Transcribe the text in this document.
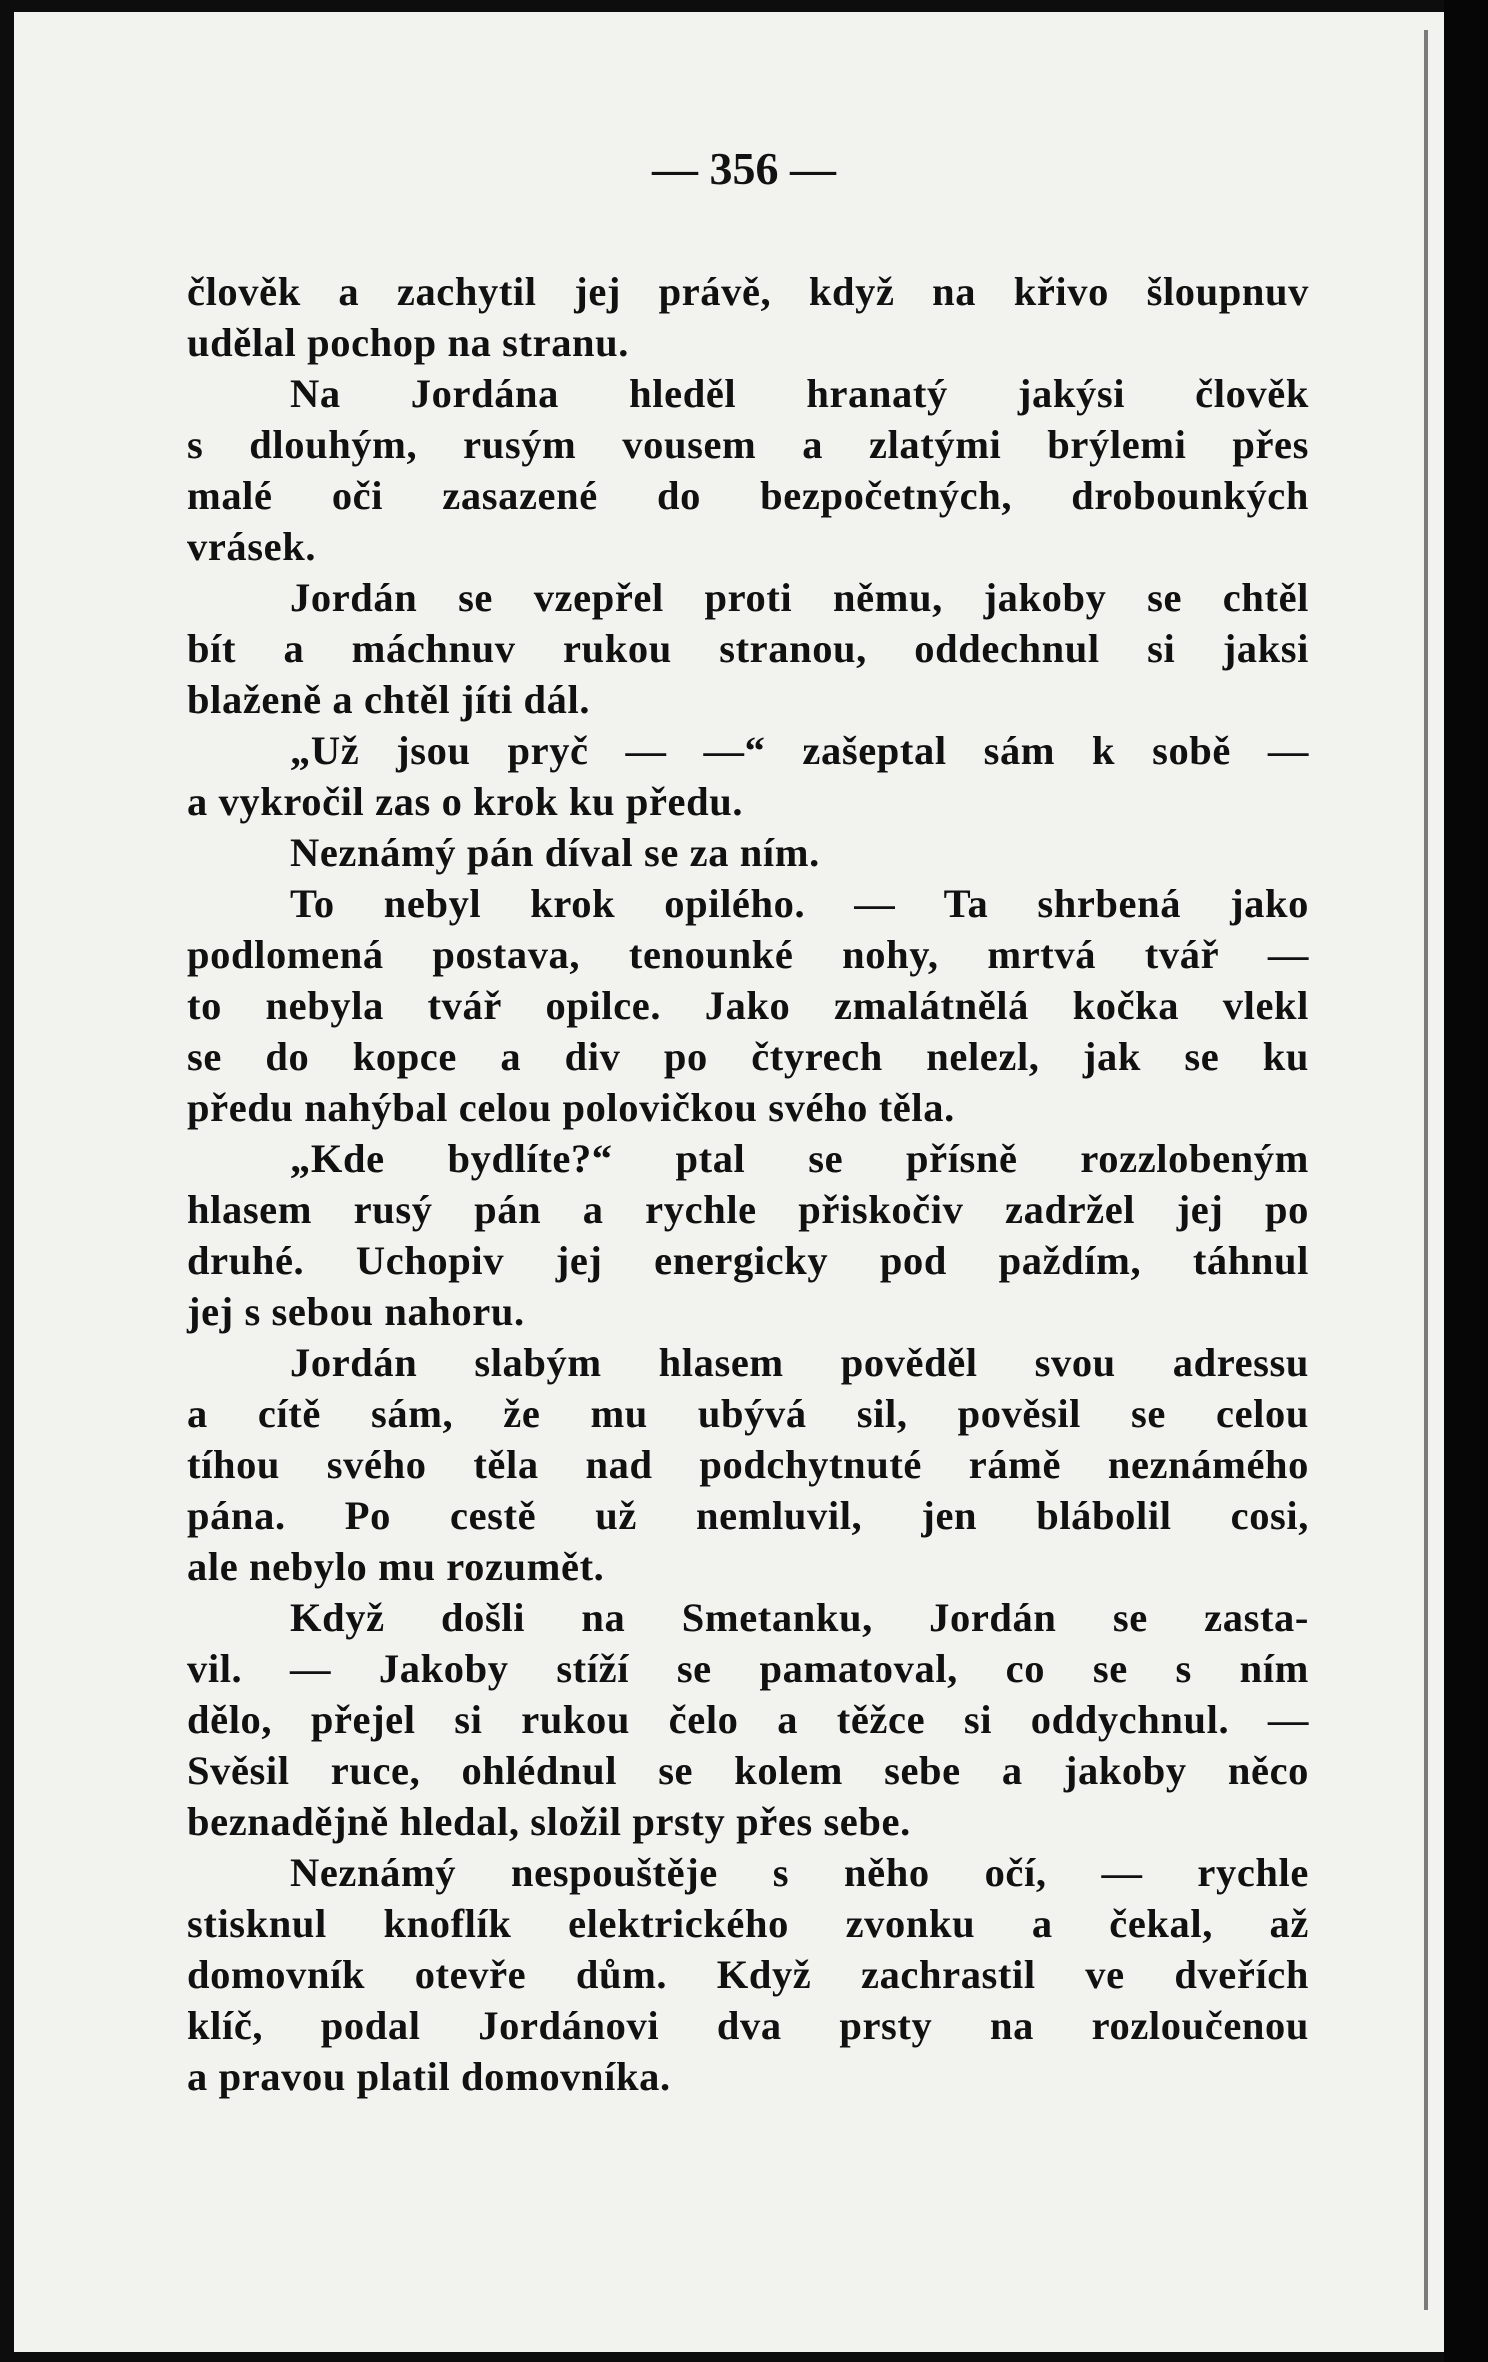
— 356 —
člověk a zachytil jej právě, když na křivo šloupnuv
udělal pochop na stranu.
Na Jordána hleděl hranatý jakýsi člověk
s dlouhým, rusým vousem a zlatými brýlemi přes
malé oči zasazené do bezpočetných, drobounkých
vrásek.
Jordán se vzepřel proti němu, jakoby se chtěl
bít a máchnuv rukou stranou, oddechnul si jaksi
blaženě a chtěl jíti dál.
„Už jsou pryč — —“ zašeptal sám k sobě —
a vykročil zas o krok ku předu.
Neznámý pán díval se za ním.
To nebyl krok opilého. — Ta shrbená jako
podlomená postava, tenounké nohy, mrtvá tvář —
to nebyla tvář opilce. Jako zmalátnělá kočka vlekl
se do kopce a div po čtyrech nelezl, jak se ku
předu nahýbal celou polovičkou svého těla.
„Kde bydlíte?“ ptal se přísně rozzlobeným
hlasem rusý pán a rychle přiskočiv zadržel jej po
druhé. Uchopiv jej energicky pod paždím, táhnul
jej s sebou nahoru.
Jordán slabým hlasem pověděl svou adressu
a cítě sám, že mu ubývá sil, pověsil se celou
tíhou svého těla nad podchytnuté rámě neznámého
pána. Po cestě už nemluvil, jen blábolil cosi,
ale nebylo mu rozumět.
Když došli na Smetanku, Jordán se zasta-
vil. — Jakoby stíží se pamatoval, co se s ním
dělo, přejel si rukou čelo a těžce si oddychnul. —
Svěsil ruce, ohlédnul se kolem sebe a jakoby něco
beznadějně hledal, složil prsty přes sebe.
Neznámý nespouštěje s něho očí, — rychle
stisknul knoflík elektrického zvonku a čekal, až
domovník otevře dům. Když zachrastil ve dveřích
klíč, podal Jordánovi dva prsty na rozloučenou
a pravou platil domovníka.
